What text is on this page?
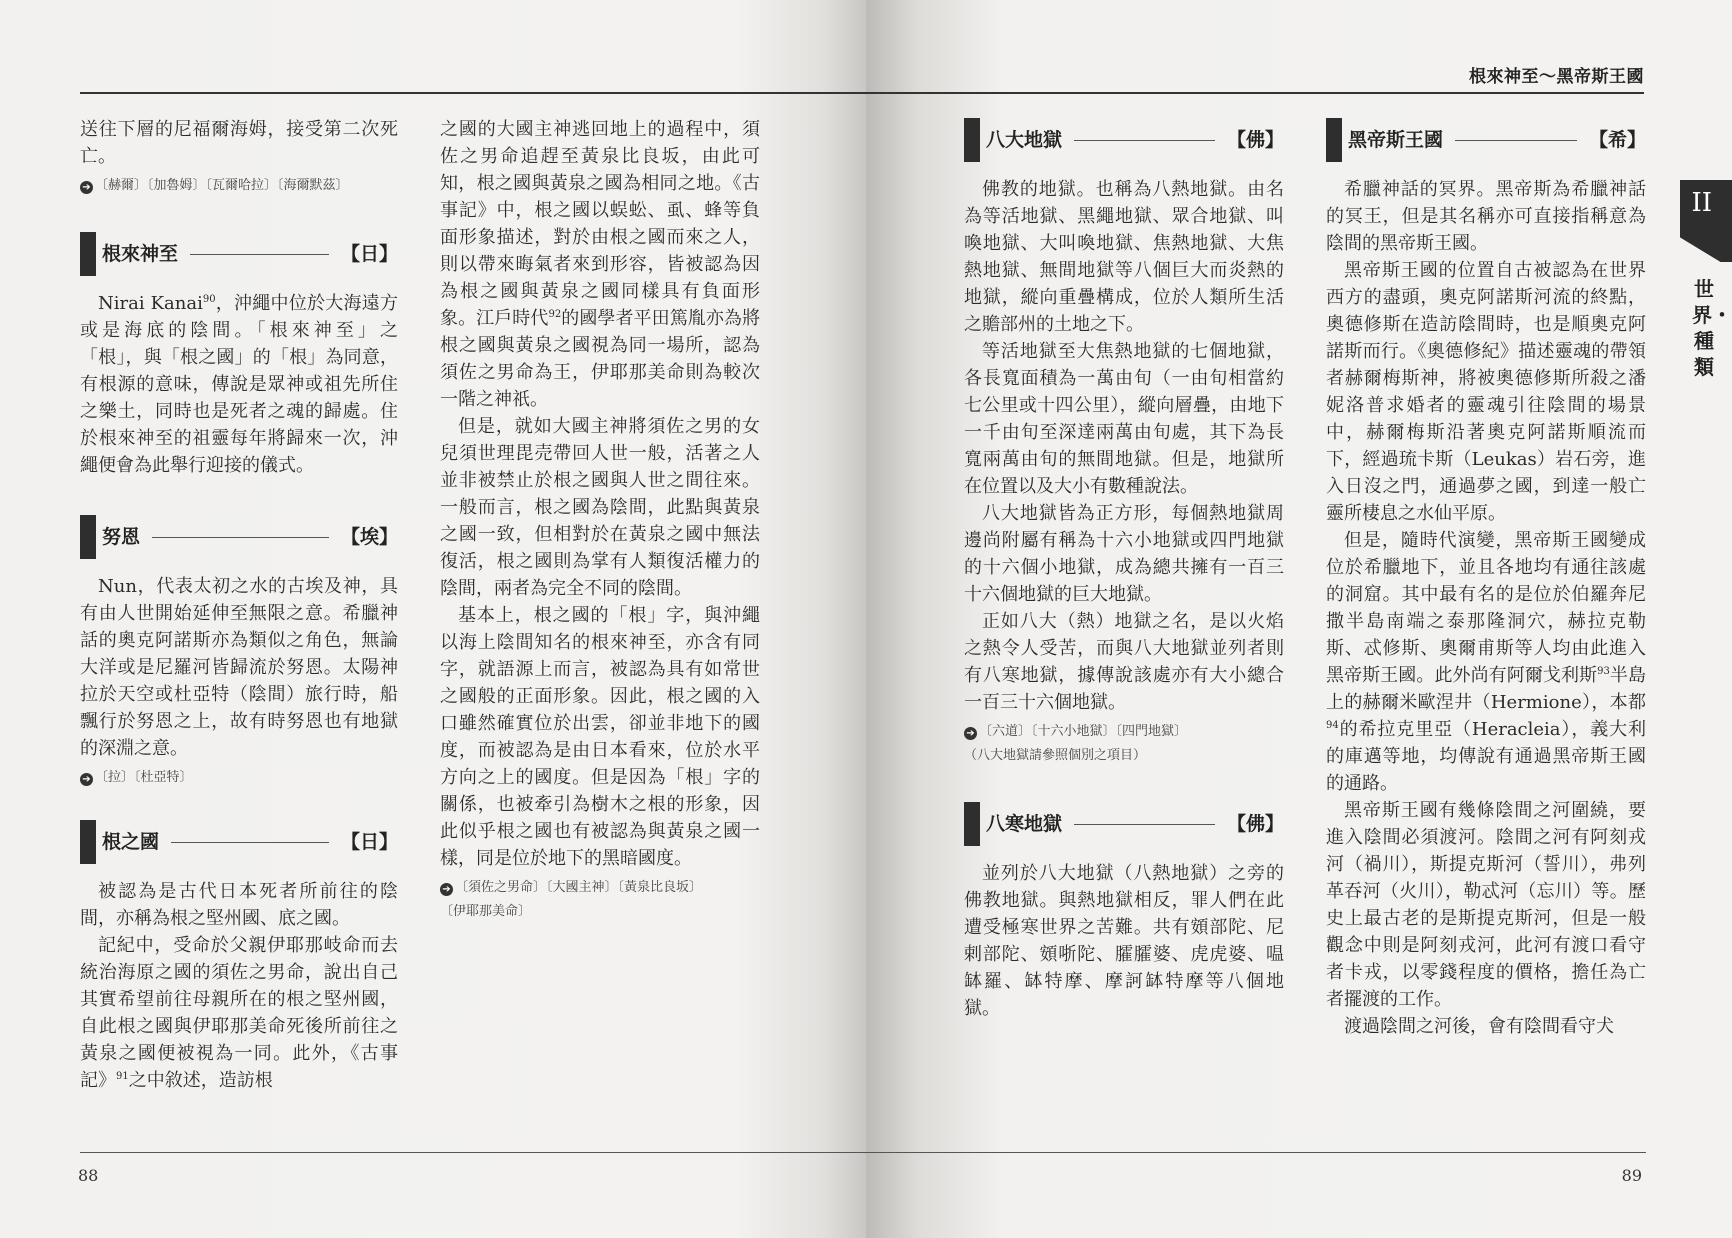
送往下層的尼福爾海姆，接受第二次死亡。

➔ 〔赫爾〕〔加魯姆〕〔瓦爾哈拉〕〔海爾默茲〕
根來神至	【日】

Nirai Kanai$^{90}$，沖繩中位於大海遠方或是海底的陰間。「根來神至」之「根」，與「根之國」的「根」為同意，有根源的意味，傳說是眾神或祖先所住之樂土，同時也是死者之魂的歸處。住於根來神至的祖靈每年將歸來一次，沖繩便會為此舉行迎接的儀式。

努恩	【埃】

Nun，代表太初之水的古埃及神，具有由人世開始延伸至無限之意。希臘神話的奧克阿諾斯亦為類似之角色，無論大洋或是尼羅河皆歸流於努恩。太陽神拉於天空或杜亞特（陰間）旅行時，船飄行於努恩之上，故有時努恩也有地獄的深淵之意。

➔ 〔拉〕〔杜亞特〕
根之國	【日】

被認為是古代日本死者所前往的陰間，亦稱為根之堅州國、底之國。

記紀中，受命於父親伊耶那岐命而去統治海原之國的須佐之男命，說出自己其實希望前往母親所在的根之堅州國，自此根之國與伊耶那美命死後所前往之黃泉之國便被視為一同。此外，《古事記》$^{91}$之中敘述，造訪根

之國的大國主神逃回地上的過程中，須佐之男命追趕至黃泉比良坂，由此可知，根之國與黃泉之國為相同之地。《古事記》中，根之國以蜈蚣、虱、蜂等負面形象描述，對於由根之國而來之人，則以帶來晦氣者來到形容，皆被認為因為根之國與黃泉之國同樣具有負面形象。江戶時代$^{92}$的國學者平田篤胤亦為將根之國與黃泉之國視為同一場所，認為須佐之男命為王，伊耶那美命則為較次一階之神祇。

但是，就如大國主神將須佐之男的女兒須世理毘売帶回人世一般，活著之人並非被禁止於根之國與人世之間往來。一般而言，根之國為陰間，此點與黃泉之國一致，但相對於在黃泉之國中無法復活，根之國則為掌有人類復活權力的陰間，兩者為完全不同的陰間。

基本上，根之國的「根」字，與沖繩以海上陰間知名的根來神至，亦含有同字，就語源上而言，被認為具有如常世之國般的正面形象。因此，根之國的入口雖然確實位於出雲，卻並非地下的國度，而被認為是由日本看來，位於水平方向之上的國度。但是因為「根」字的關係，也被牽引為樹木之根的形象，因此似乎根之國也有被認為與黃泉之國一樣，同是位於地下的黑暗國度。

➔ 〔須佐之男命〕〔大國主神〕〔黃泉比良坂〕
〔伊耶那美命〕
88
根來神至～黑帝斯王國
八大地獄	【佛】

佛教的地獄。也稱為八熱地獄。由名為等活地獄、黑繩地獄、眾合地獄、叫喚地獄、大叫喚地獄、焦熱地獄、大焦熱地獄、無間地獄等八個巨大而炎熱的地獄，縱向重疊構成，位於人類所生活之贍部州的土地之下。

等活地獄至大焦熱地獄的七個地獄，各長寬面積為一萬由旬（一由旬相當約七公里或十四公里），縱向層疊，由地下一千由旬至深達兩萬由旬處，其下為長寬兩萬由旬的無間地獄。但是，地獄所在位置以及大小有數種說法。

八大地獄皆為正方形，每個熱地獄周邊尚附屬有稱為十六小地獄或四門地獄的十六個小地獄，成為總共擁有一百三十六個地獄的巨大地獄。

正如八大（熱）地獄之名，是以火焰之熱令人受苦，而與八大地獄並列者則有八寒地獄，據傳說該處亦有大小總合一百三十六個地獄。

➔ 〔六道〕〔十六小地獄〕〔四門地獄〕
（八大地獄請參照個別之項目）
八寒地獄	【佛】

並列於八大地獄（八熱地獄）之旁的佛教地獄。與熱地獄相反，罪人們在此遭受極寒世界之苦難。共有頞部陀、尼剌部陀、頞哳陀、臛臛婆、虎虎婆、嗢缽羅、缽特摩、摩訶缽特摩等八個地獄。

黑帝斯王國	【希】

希臘神話的冥界。黑帝斯為希臘神話的冥王，但是其名稱亦可直接指稱意為陰間的黑帝斯王國。

黑帝斯王國的位置自古被認為在世界西方的盡頭，奧克阿諾斯河流的終點，奧德修斯在造訪陰間時，也是順奧克阿諾斯而行。《奧德修紀》描述靈魂的帶領者赫爾梅斯神，將被奧德修斯所殺之潘妮洛普求婚者的靈魂引往陰間的場景中，赫爾梅斯沿著奧克阿諾斯順流而下，經過琉卡斯（Leukas）岩石旁，進入日沒之門，通過夢之國，到達一般亡靈所棲息之水仙平原。

但是，隨時代演變，黑帝斯王國變成位於希臘地下，並且各地均有通往該處的洞窟。其中最有名的是位於伯羅奔尼撒半島南端之泰那隆洞穴，赫拉克勒斯、忒修斯、奧爾甫斯等人均由此進入黑帝斯王國。此外尚有阿爾戈利斯$^{93}$半島上的赫爾米歐涅井（Hermione），本都$^{94}$的希拉克里亞（Heracleia），義大利的庫邁等地，均傳說有通過黑帝斯王國的通路。

黑帝斯王國有幾條陰間之河圍繞，要進入陰間必須渡河。陰間之河有阿刻戎河（禍川），斯提克斯河（誓川），弗列革吞河（火川），勒忒河（忘川）等。歷史上最古老的是斯提克斯河，但是一般觀念中則是阿刻戎河，此河有渡口看守者卡戎，以零錢程度的價格，擔任為亡者擺渡的工作。

渡過陰間之河後，會有陰間看守犬

II
世界・種類
89
